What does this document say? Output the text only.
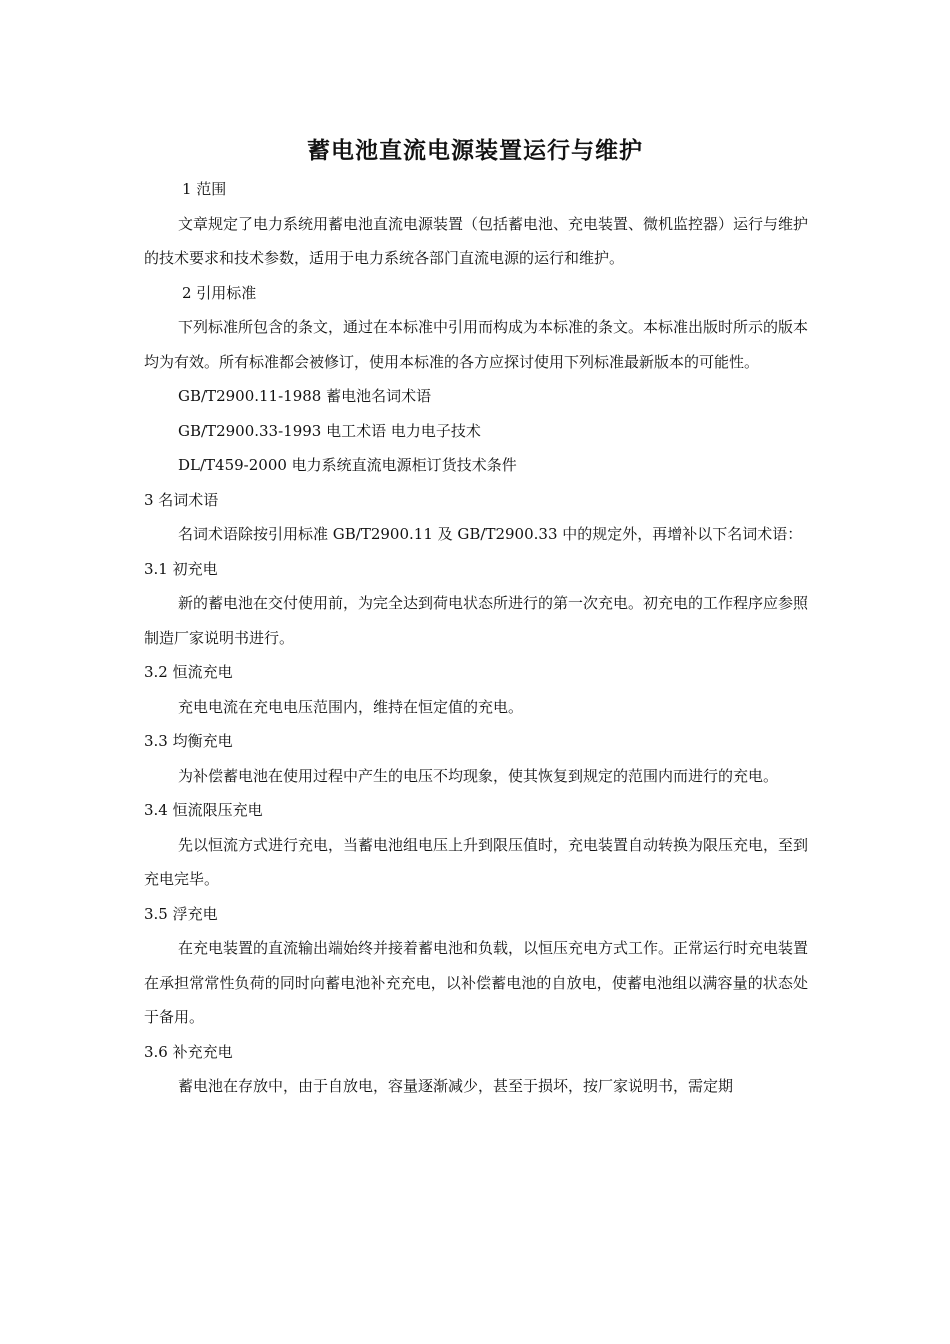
蓄电池直流电源装置运行与维护

1 范围

文章规定了电力系统用蓄电池直流电源装置（包括蓄电池、充电装置、微机监控器）运行与维护的技术要求和技术参数，适用于电力系统各部门直流电源的运行和维护。

2 引用标准

下列标准所包含的条文，通过在本标准中引用而构成为本标准的条文。本标准出版时所示的版本均为有效。所有标准都会被修订，使用本标准的各方应探讨使用下列标准最新版本的可能性。

GB/T2900.11-1988 蓄电池名词术语

GB/T2900.33-1993 电工术语 电力电子技术

DL/T459-2000 电力系统直流电源柜订货技术条件

3 名词术语

名词术语除按引用标准 GB/T2900.11 及 GB/T2900.33 中的规定外，再增补以下名词术语：

3.1 初充电

新的蓄电池在交付使用前，为完全达到荷电状态所进行的第一次充电。初充电的工作程序应参照制造厂家说明书进行。

3.2 恒流充电

充电电流在充电电压范围内，维持在恒定值的充电。

3.3 均衡充电

为补偿蓄电池在使用过程中产生的电压不均现象，使其恢复到规定的范围内而进行的充电。

3.4 恒流限压充电

先以恒流方式进行充电，当蓄电池组电压上升到限压值时，充电装置自动转换为限压充电，至到充电完毕。

3.5 浮充电

在充电装置的直流输出端始终并接着蓄电池和负载，以恒压充电方式工作。正常运行时充电装置在承担常常性负荷的同时向蓄电池补充充电，以补偿蓄电池的自放电，使蓄电池组以满容量的状态处于备用。

3.6 补充充电

蓄电池在存放中，由于自放电，容量逐渐减少，甚至于损坏，按厂家说明书，需定期
